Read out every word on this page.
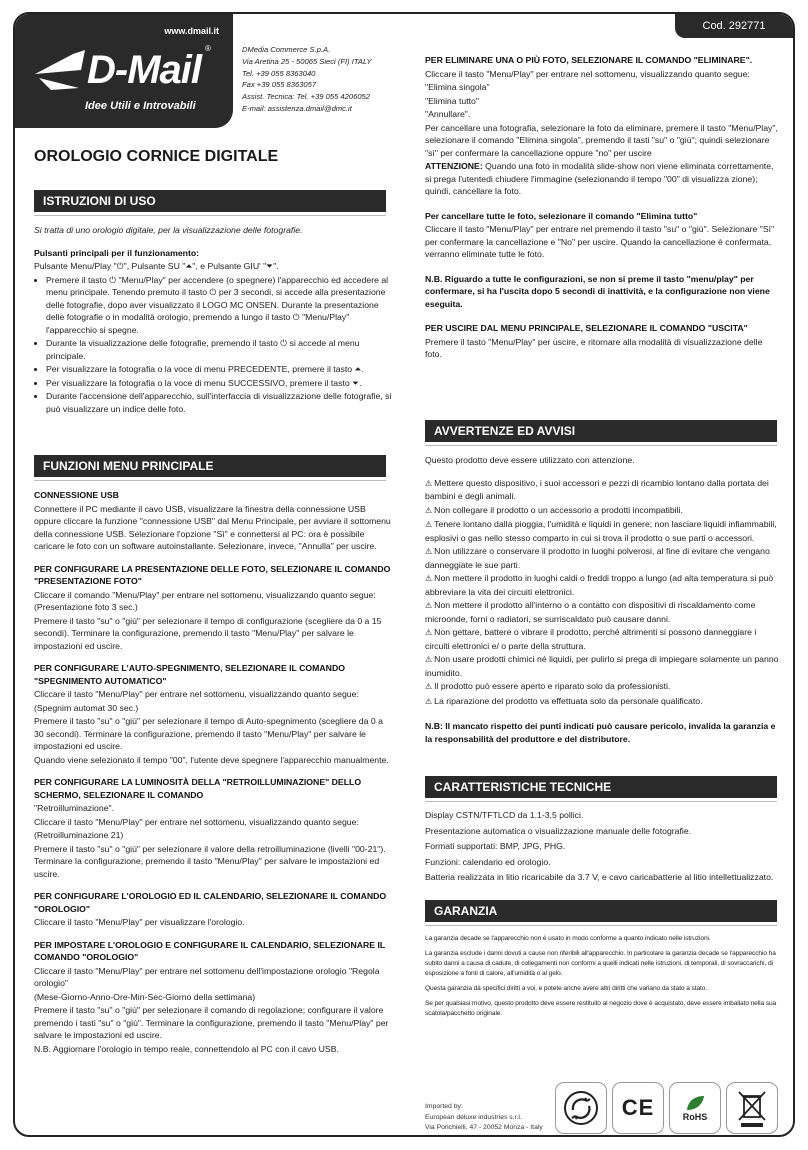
Cod. 292771
www.dmail.it
D-Mail ®
Idee Utili e Introvabili
DMedia Commerce S.p.A.
Via Aretina 25 - 50065 Sieci (FI) ITALY
Tel. +39 055 8363040
Fax +39 055 8363057
Assist. Tecnica: Tel. +39 055 4206052
E-mail: assistenza.dmail@dmc.it
OROLOGIO CORNICE DIGITALE
ISTRUZIONI DI USO

Si tratta di uno orologio digitale, per la visualizzazione delle fotografie.

Pulsanti principali per il funzionamento:

Pulsante Menu/Play "⏻", Pulsante SU "⏶", e Pulsante GIU' "⏷".

• Premere il tasto ⏻ "Menu/Play" per accendere (o spegnere) l'apparecchio ed accedere al menu principale. Tenendo premuto il tasto ⏻ per 3 secondi, si accede alla presentazione delle fotografie, dopo aver visualizzato il LOGO MC ONSEN. Durante la presentazione delle fotografie o in modalità orologio, premendo a lungo il tasto ⏻ "Menu/Play" l'apparecchio si spegne.
• Durante la visualizzazione delle fotografie, premendo il tasto ⏻ si accede al menu principale.
• Per visualizzare la fotografia o la voce di menu PRECEDENTE, premere il tasto ⏶.
• Per visualizzare la fotografia o la voce di menu SUCCESSIVO, premere il tasto ⏷.
• Durante l'accensione dell'apparecchio, sull'interfaccia di visualizzazione delle fotografie, si può visualizzare un indice delle foto.
FUNZIONI MENU PRINCIPALE

CONNESSIONE USB

Connettere il PC mediante il cavo USB, visualizzare la finestra della connessione USB oppure cliccare la funzione "connessione USB" dal Menu Principale, per avviare il sottomenu della connessione USB. Selezionare l'opzione "Sì" e connettersi al PC: ora è possibile caricare le foto con un software autoinstallante. Selezionare, invece, "Annulla" per uscire.

PER CONFIGURARE LA PRESENTAZIONE DELLE FOTO, SELEZIONARE IL COMANDO "PRESENTAZIONE FOTO"

Cliccare il comando "Menu/Play" per entrare nel sottomenu, visualizzando quanto segue: (Presentazione foto 3 sec.)

Premere il tasto "su" o "giù" per selezionare il tempo di configurazione (scegliere da 0 a 15 secondi). Terminare la configurazione, premendo il tasto "Menu/Play" per salvare le impostazioni ed uscire.

PER CONFIGURARE L'AUTO-SPEGNIMENTO, SELEZIONARE IL COMANDO "SPEGNIMENTO AUTOMATICO"

Cliccare il tasto "Menu/Play" per entrare nel sottomenu, visualizzando quanto segue:

(Spegnim automat 30 sec.)

Premere il tasto "su" o "giù" per selezionare il tempo di Auto-spegnimento (scegliere da 0 a 30 secondi). Terminare la configurazione, premendo il tasto "Menu/Play" per salvare le impostazioni ed uscire.

Quando viene selezionato il tempo "00", l'utente deve spegnere l'apparecchio manualmente.

PER CONFIGURARE LA LUMINOSITÀ DELLA "RETROILLUMINAZIONE" DELLO SCHERMO, SELEZIONARE IL COMANDO

"Retroilluminazione".

Cliccare il tasto "Menu/Play" per entrare nel sottomenu, visualizzando quanto segue:

(Retroilluminazione 21)

Premere il tasto "su" o "giù" per selezionare il valore della retroilluminazione (livelli "00-21"). Terminare la configurazione, premendo il tasto "Menu/Play" per salvare le impostazioni ed uscire.

PER CONFIGURARE L'OROLOGIO ED IL CALENDARIO, SELEZIONARE IL COMANDO "OROLOGIO"

Cliccare il tasto "Menu/Play" per visualizzare l'orologio.

PER IMPOSTARE L'OROLOGIO E CONFIGURARE IL CALENDARIO, SELEZIONARE IL COMANDO "OROLOGIO"

Cliccare il tasto "Menu/Play" per entrare nel sottomenu dell'impostazione orologio "Regola orologio"

(Mese-Giorno-Anno-Ore-Min-Sec-Giorno della settimana)

Premere il tasto "su" o "giù" per selezionare il comando di regolazione; configurare il valore premendo i tasti "su" o "giù". Terminare la configurazione, premendo il tasto "Menu/Play" per salvare le impostazioni ed uscire.

N.B. Aggiornare l'orologio in tempo reale, connettendolo al PC con il cavo USB.

PER ELIMINARE UNA O PIÙ FOTO, SELEZIONARE IL COMANDO "ELIMINARE".

Cliccare il tasto "Menu/Play" per entrare nel sottomenu, visualizzando quanto segue:

"Elimina singola"

"Elimina tutto"

"Annullare".

Per cancellare una fotografia, selezionare la foto da eliminare, premere il tasto "Menu/Play", selezionare il comando "Elimina singola", premendo il tasti "su" o "giù"; quindi selezionare "sì" per confermare la cancellazione oppure "no" per uscire

ATTENZIONE: Quando una foto in modalità slide-show non viene eliminata correttamente, si prega l'utentedi chiudere l'immagine (selezionando il tempo "00" di visualizza zione); quindi, cancellare la foto.

Per cancellare tutte le foto, selezionare il comando "Elimina tutto"

Cliccare il tasto "Menu/Play" per entrare nel premendo il tasto "su" o "giù". Selezionare "Sì" per confermare la cancellazione e "No" per uscire. Quando la cancellazione è confermata, verranno eliminate tutte le foto.

N.B. Riguardo a tutte le configurazioni, se non si preme il tasto "menu/play" per confermare, si ha l'uscita dopo 5 secondi di inattività, e la configurazione non viene eseguita.

PER USCIRE DAL MENU PRINCIPALE, SELEZIONARE IL COMANDO "USCITA"

Premere il tasto "Menu/Play" per uscire, e ritornare alla modalità di visualizzazione delle foto.

AVVERTENZE ED AVVISI

Questo prodotto deve essere utilizzato con attenzione.

⚠ Mettere questo dispositivo, i suoi accessori e pezzi di ricambio lontano dalla portata dei bambini e degli animali.
⚠ Non collegare il prodotto o un accessorio a prodotti incompatibili.
⚠ Tenere lontano dalla pioggia, l'umidità e liquidi in genere; non lasciare liquidi infiammabili, esplosivi o gas nello stesso comparto in cui si trova il prodotto o sue parti o accessori.
⚠ Non utilizzare o conservare il prodotto in luoghi polverosi, al fine di evitare che vengano danneggiate le sue parti.
⚠ Non mettere il prodotto in luoghi caldi o freddi troppo a lungo (ad alta temperatura si può abbreviare la vita dei circuiti elettronici.
⚠ Non mettere il prodotto all'interno o a contatto con dispositivi di riscaldamento come microonde, forni o radiatori, se surriscaldato può causare danni.
⚠ Non gettare, battere o vibrare il prodotto, perché altrimenti si possono danneggiare i circuiti elettronici e/ o parte della struttura.
⚠ Non usare prodotti chimici né liquidi, per pulirlo si prega di impiegare solamente un panno inumidito.
⚠ Il prodotto può essere aperto e riparato solo da professionisti.
⚠ La riparazione del prodotto va effettuata solo da personale qualificato.

N.B: Il mancato rispetto dei punti indicati può causare pericolo, invalida la garanzia e la responsabilità del produttore e del distributore.

CARATTERISTICHE TECNICHE

Display CSTN/TFTLCD da 1.1-3,5 pollici.

Presentazione automatica o visualizzazione manuale delle fotografie.

Formati supportati: BMP, JPG, PHG.

Funzioni: calendario ed orologio.

Batteria realizzata in litio ricaricabile da 3.7 V, e cavo caricabatterie al litio intellettualizzato.

GARANZIA

La garanzia decade se l'apparecchio non è usato in modo conforme a quanto indicato nelle istruzioni.

La garanzia esclude i danni dovuti a cause non riferibili all'apparecchio. In particolare la garanzia decade se l'apparecchio ha subito danni a causa di cadute, di collegamenti non conformi a quelli indicati nelle istruzioni, di temporali, di sovraccarichi, di esposizione a fonti di calore, all'umidità o al gelo.

Questa garanzia dà specifici diritti a voi, e potete anche avere altri diritti che variano da stato a stato.

Se per qualsiasi motivo, questo prodotto deve essere restituito al negozio dove è acquistato, deve essere imballato nella sua scatola/pacchetto originale.

Imported by:
European deluxe industries s.r.l.
Via Ponchielli, 47 - 20052 Monza - Italy
CE	RoHS
